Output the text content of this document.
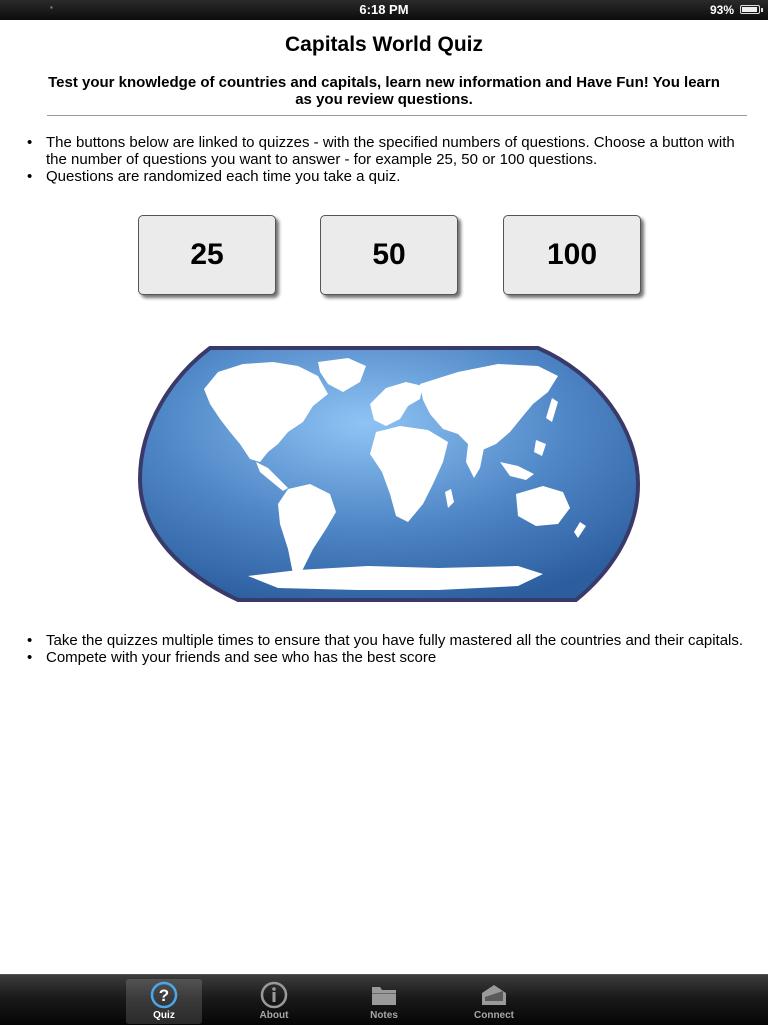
▪	6:18 PM	93%
Capitals World Quiz
Test your knowledge of countries and capitals, learn new information and Have Fun! You learn as you review questions.
• The buttons below are linked to quizzes - with the specified numbers of questions. Choose a button with the number of questions you want to answer - for example 25, 50 or 100 questions.
• Questions are randomized each time you take a quiz.
25	50	100
• Take the quizzes multiple times to ensure that you have fully mastered all the countries and their capitals.
• Compete with your friends and see who has the best score
?
Quiz	About	Notes	Connect
